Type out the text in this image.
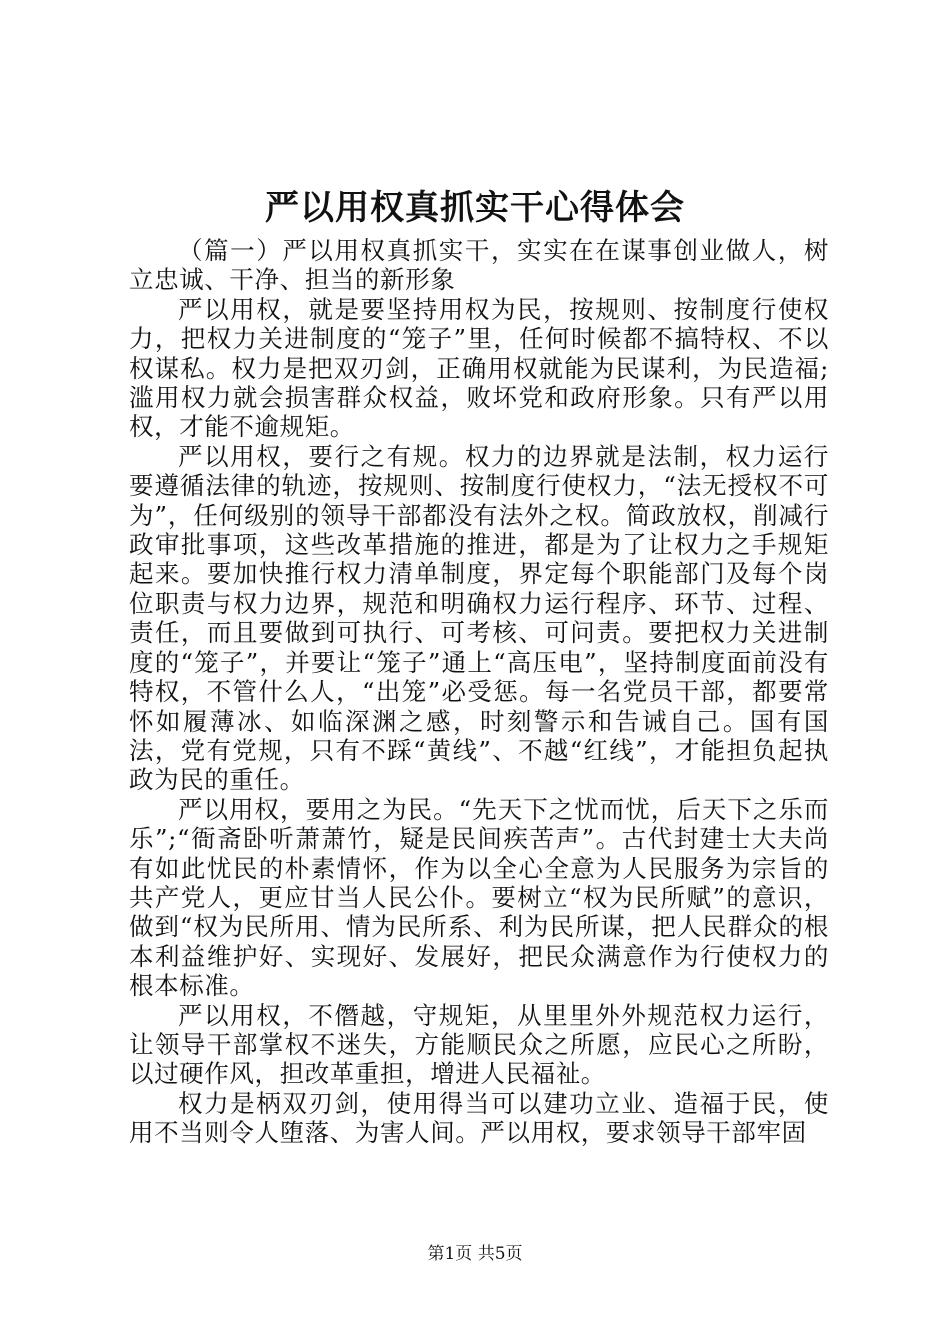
严以用权真抓实干心得体会

（篇一）严以用权真抓实干，实实在在谋事创业做人，树立忠诚、干净、担当的新形象

严以用权，就是要坚持用权为民，按规则、按制度行使权力，把权力关进制度的“笼子”里，任何时候都不搞特权、不以权谋私。权力是把双刃剑，正确用权就能为民谋利，为民造福;滥用权力就会损害群众权益，败坏党和政府形象。只有严以用权，才能不逾规矩。

严以用权，要行之有规。权力的边界就是法制，权力运行要遵循法律的轨迹，按规则、按制度行使权力，“法无授权不可为”，任何级别的领导干部都没有法外之权。简政放权，削减行政审批事项，这些改革措施的推进，都是为了让权力之手规矩起来。要加快推行权力清单制度，界定每个职能部门及每个岗位职责与权力边界，规范和明确权力运行程序、环节、过程、责任，而且要做到可执行、可考核、可问责。要把权力关进制度的“笼子”，并要让“笼子”通上“高压电”，坚持制度面前没有特权，不管什么人，“出笼”必受惩。每一名党员干部，都要常怀如履薄冰、如临深渊之感，时刻警示和告诫自己。国有国法，党有党规，只有不踩“黄线”、不越“红线”，才能担负起执政为民的重任。

严以用权，要用之为民。“先天下之忧而忧，后天下之乐而乐”;“衙斋卧听萧萧竹，疑是民间疾苦声”。古代封建士大夫尚有如此忧民的朴素情怀，作为以全心全意为人民服务为宗旨的共产党人，更应甘当人民公仆。要树立“权为民所赋”的意识，做到“权为民所用、情为民所系、利为民所谋，把人民群众的根本利益维护好、实现好、发展好，把民众满意作为行使权力的根本标准。

严以用权，不僭越，守规矩，从里里外外规范权力运行，让领导干部掌权不迷失，方能顺民众之所愿，应民心之所盼，以过硬作风，担改革重担，增进人民福祉。

权力是柄双刃剑，使用得当可以建功立业、造福于民，使用不当则令人堕落、为害人间。严以用权，要求领导干部牢固

第1页 共5页
